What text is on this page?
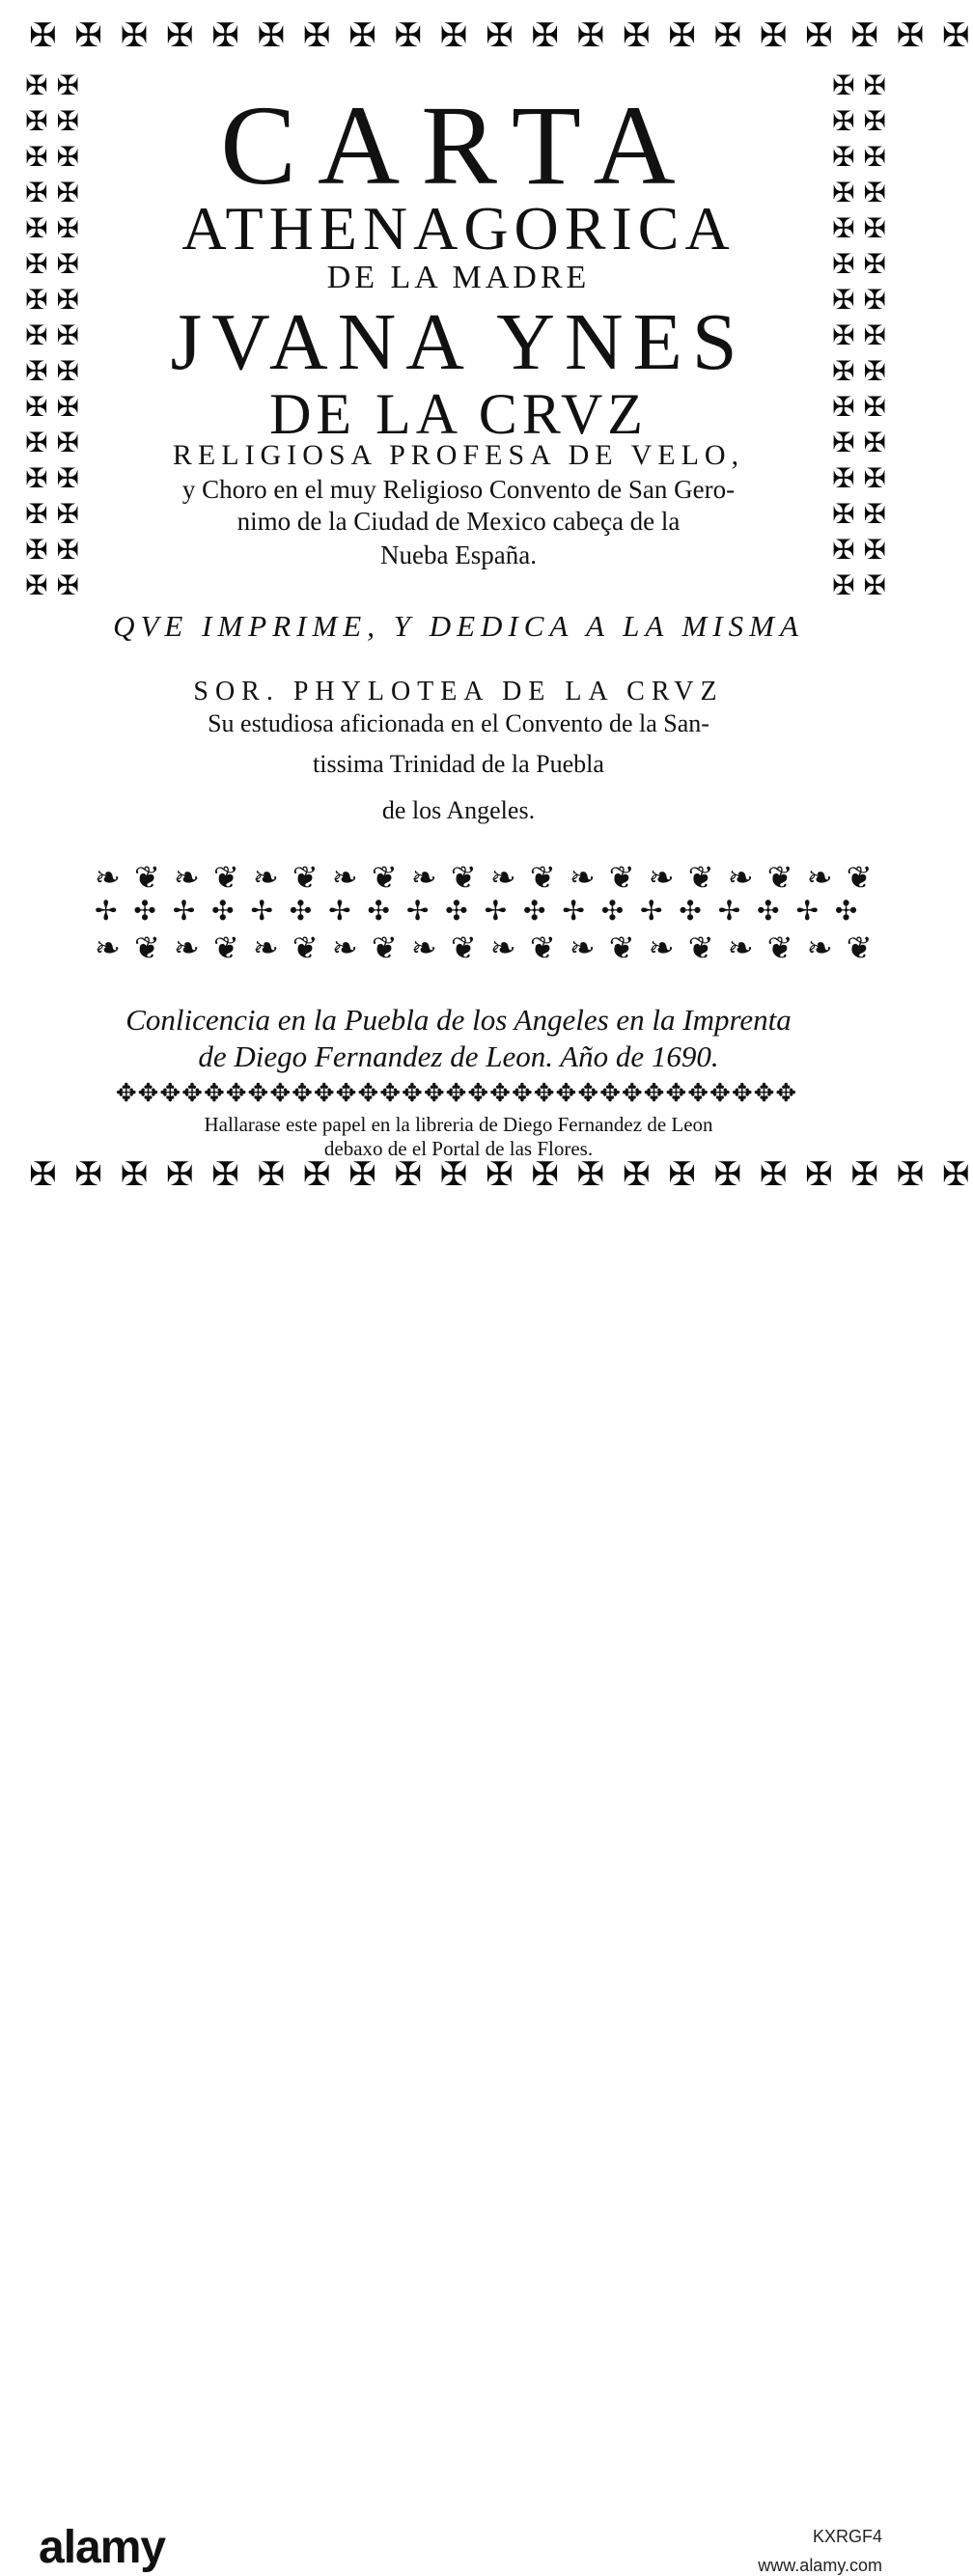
✠ ✠ ✠ ✠ ✠ ✠ ✠ ✠ ✠ ✠ ✠ ✠ ✠ ✠ ✠ ✠ ✠ ✠ ✠ ✠ ✠
✠ ✠ ✠ ✠ ✠ ✠ ✠ ✠ ✠ ✠ ✠ ✠ ✠ ✠ ✠ ✠ ✠ ✠ ✠ ✠ ✠ ✠ ✠ ✠ ✠ ✠ ✠ ✠ ✠ ✠
✠ ✠ ✠ ✠ ✠ ✠ ✠ ✠ ✠ ✠ ✠ ✠ ✠ ✠ ✠ ✠ ✠ ✠ ✠ ✠ ✠ ✠ ✠ ✠ ✠ ✠ ✠ ✠ ✠ ✠
CARTA
ATHENAGORICA
DE LA MADRE
JVANA YNES
DE LA CRVZ
RELIGIOSA PROFESA DE VELO,
y Choro en el muy Religioso Convento de San Gero-
nimo de la Ciudad de Mexico cabeça de la
Nueba España.
QVE IMPRIME, Y DEDICA A LA MISMA
SOR. PHYLOTEA DE LA CRVZ
Su estudiosa aficionada en el Convento de la San-
tissima Trinidad de la Puebla
de los Angeles.
❧ ❦ ❧ ❦ ❧ ❦ ❧ ❦ ❧ ❦ ❧ ❦ ❧ ❦ ❧ ❦ ❧ ❦ ❧ ❦
✢ ✣ ✢ ✣ ✢ ✣ ✢ ✣ ✢ ✣ ✢ ✣ ✢ ✣ ✢ ✣ ✢ ✣ ✢ ✣
❧ ❦ ❧ ❦ ❧ ❦ ❧ ❦ ❧ ❦ ❧ ❦ ❧ ❦ ❧ ❦ ❧ ❦ ❧ ❦
Conlicencia en la Puebla de los Angeles en la Imprenta
de Diego Fernandez de Leon. Año de 1690.
✥✥✥✥✥✥✥✥✥✥✥✥✥✥✥✥✥✥✥✥✥✥✥✥✥✥✥✥✥✥✥
Hallarase este papel en la libreria de Diego Fernandez de Leon
debaxo de el Portal de las Flores.
✠ ✠ ✠ ✠ ✠ ✠ ✠ ✠ ✠ ✠ ✠ ✠ ✠ ✠ ✠ ✠ ✠ ✠ ✠ ✠ ✠
alamy	KXRGF4
www.alamy.com
